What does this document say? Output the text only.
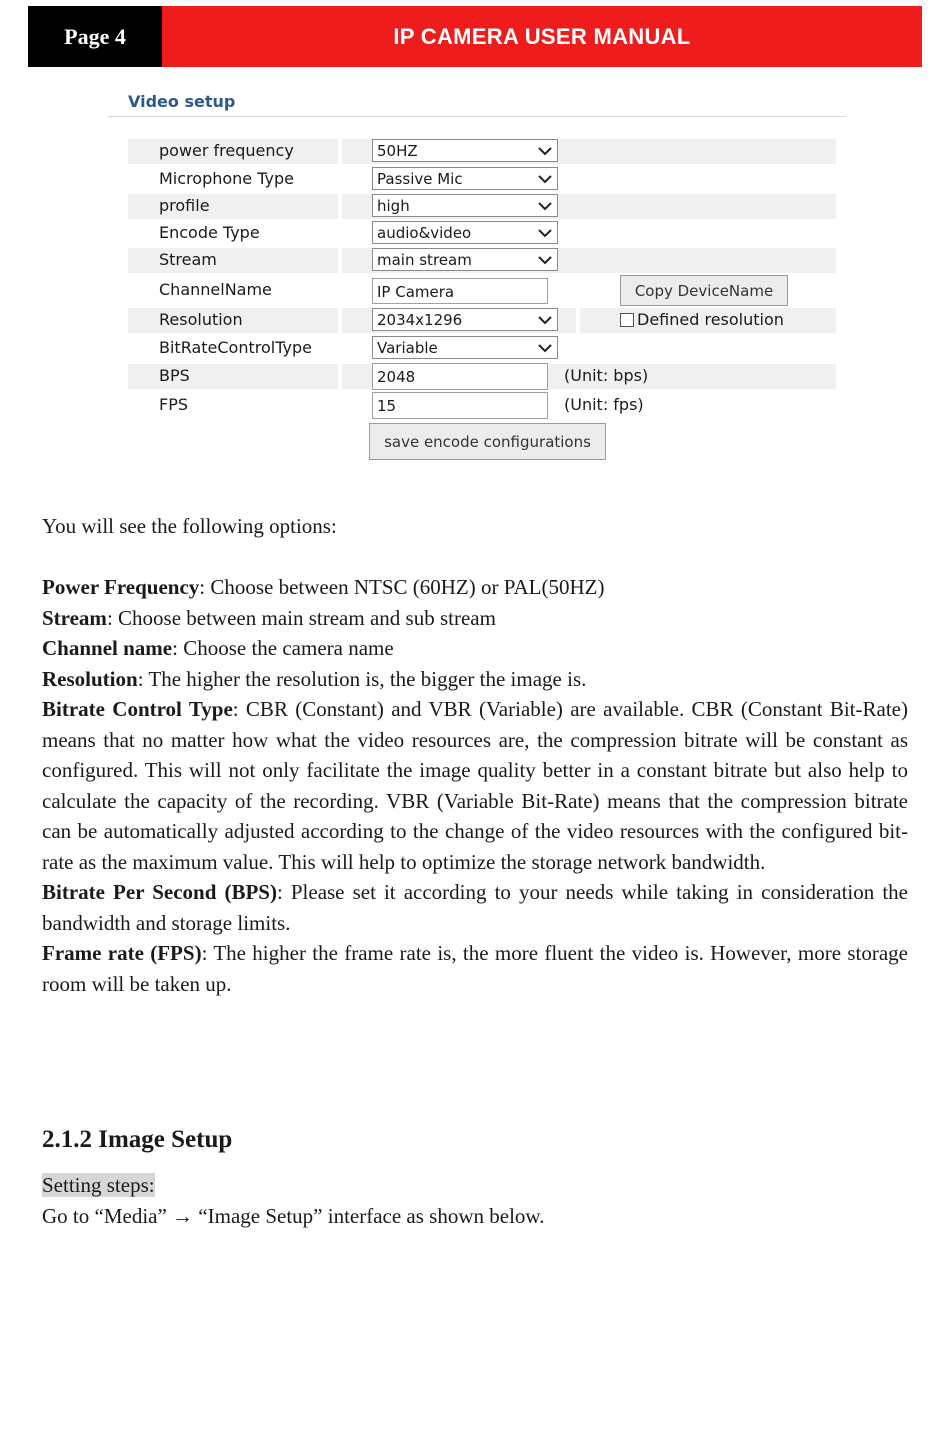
Page 4	IP CAMERA USER MANUAL
Video setup
power frequency	50HZ
Microphone Type	Passive Mic
profile	high
Encode Type	audio&video
Stream	main stream
ChannelName	IP Camera	Copy DeviceName
Resolution	2034x1296	Defined resolution
BitRateControlType	Variable
BPS	2048	(Unit: bps)
FPS	15	(Unit: fps)
save encode configurations
You will see the following options:
Power Frequency: Choose between NTSC (60HZ) or PAL(50HZ)
Stream: Choose between main stream and sub stream
Channel name: Choose the camera name
Resolution: The higher the resolution is, the bigger the image is.
Bitrate Control Type: CBR (Constant) and VBR (Variable) are available. CBR (Constant Bit-Rate) means that no matter how what the video resources are, the compression bitrate will be constant as configured. This will not only facilitate the image quality better in a constant bitrate but also help to calculate the capacity of the recording. VBR (Variable Bit-Rate) means that the compression bitrate can be automatically adjusted according to the change of the video resources with the configured bit-rate as the maximum value. This will help to optimize the storage network bandwidth.
Bitrate Per Second (BPS): Please set it according to your needs while taking in consideration the bandwidth and storage limits.
Frame rate (FPS): The higher the frame rate is, the more fluent the video is. However, more storage room will be taken up.
2.1.2 Image Setup
Setting steps:
Go to “Media” → “Image Setup” interface as shown below.
